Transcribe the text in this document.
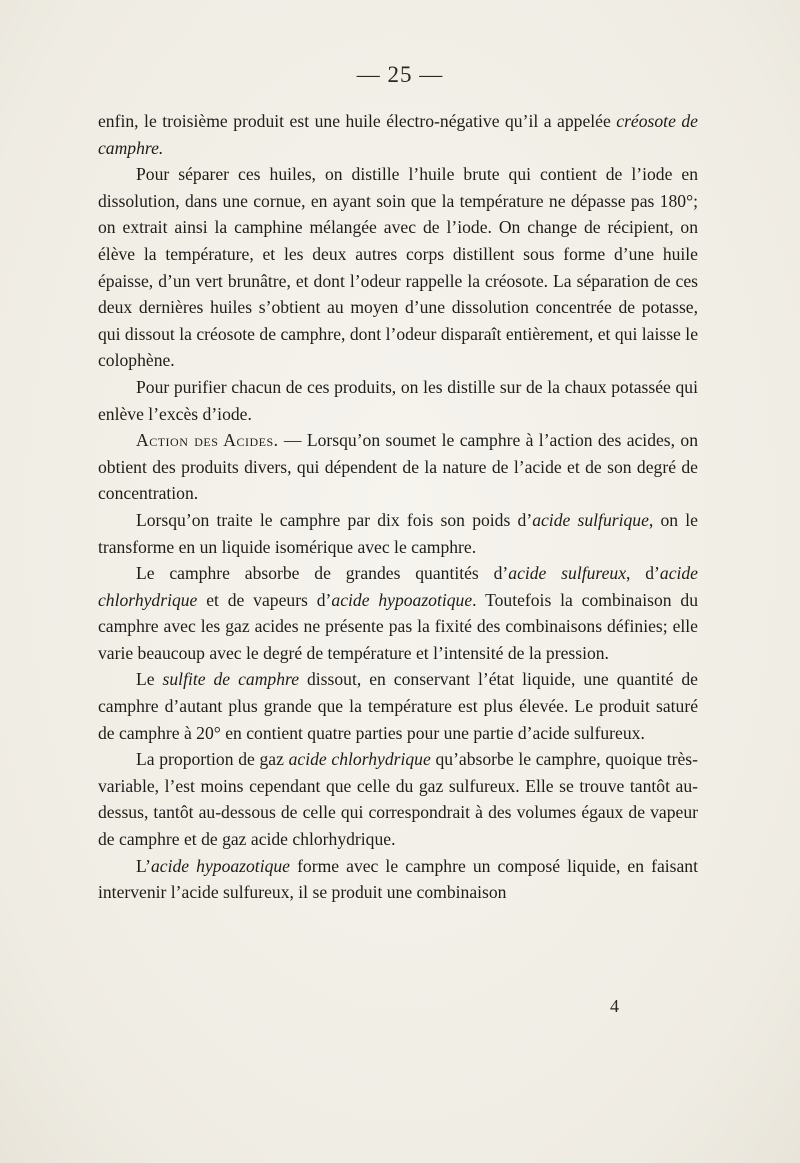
— 25 —

enfin, le troisième produit est une huile électro-négative qu’il a appelée créosote de camphre.

Pour séparer ces huiles, on distille l’huile brute qui contient de l’iode en dissolution, dans une cornue, en ayant soin que la température ne dépasse pas 180°; on extrait ainsi la camphine mélangée avec de l’iode. On change de récipient, on élève la température, et les deux autres corps distillent sous forme d’une huile épaisse, d’un vert brunâtre, et dont l’odeur rappelle la créosote. La séparation de ces deux dernières huiles s’obtient au moyen d’une dissolution concentrée de potasse, qui dissout la créosote de camphre, dont l’odeur disparaît entièrement, et qui laisse le colophène.

Pour purifier chacun de ces produits, on les distille sur de la chaux potassée qui enlève l’excès d’iode.

Action des Acides. — Lorsqu’on soumet le camphre à l’action des acides, on obtient des produits divers, qui dépendent de la nature de l’acide et de son degré de concentration.

Lorsqu’on traite le camphre par dix fois son poids d’acide sulfurique, on le transforme en un liquide isomérique avec le camphre.

Le camphre absorbe de grandes quantités d’acide sulfureux, d’acide chlorhydrique et de vapeurs d’acide hypoazotique. Toutefois la combinaison du camphre avec les gaz acides ne présente pas la fixité des combinaisons définies; elle varie beaucoup avec le degré de température et l’intensité de la pression.

Le sulfite de camphre dissout, en conservant l’état liquide, une quantité de camphre d’autant plus grande que la température est plus élevée. Le produit saturé de camphre à 20° en contient quatre parties pour une partie d’acide sulfureux.

La proportion de gaz acide chlorhydrique qu’absorbe le camphre, quoique très-variable, l’est moins cependant que celle du gaz sulfureux. Elle se trouve tantôt au-dessus, tantôt au-dessous de celle qui correspondrait à des volumes égaux de vapeur de camphre et de gaz acide chlorhydrique.

L’acide hypoazotique forme avec le camphre un composé liquide, en faisant intervenir l’acide sulfureux, il se produit une combinaison

4
